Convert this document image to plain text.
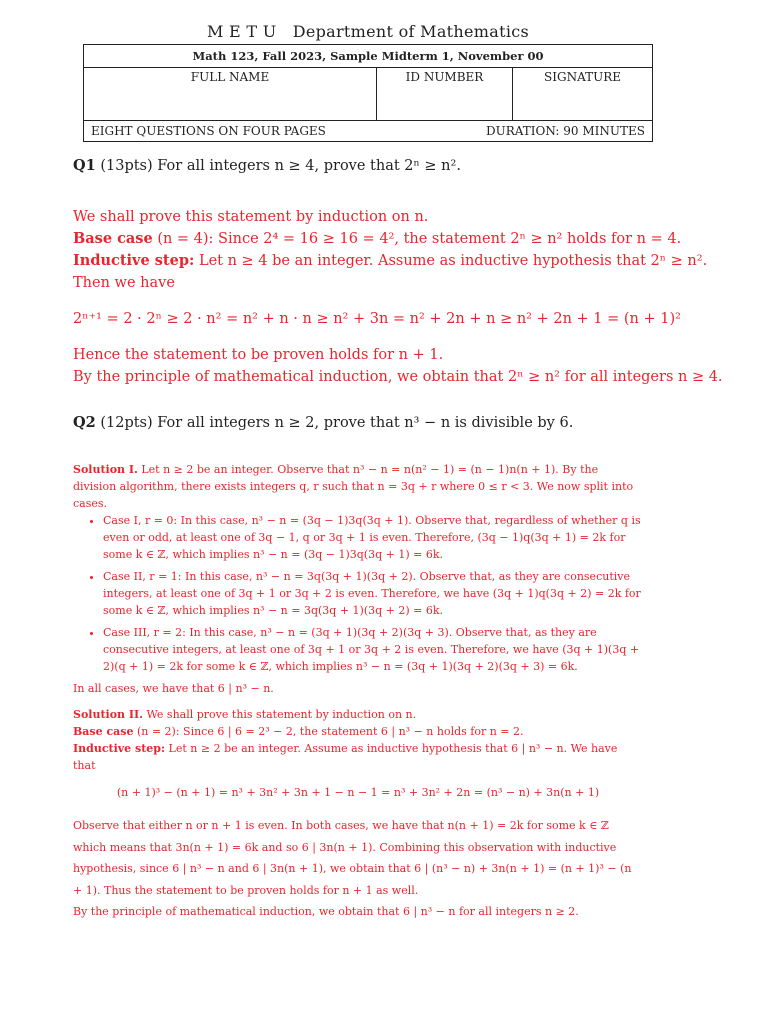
M E T U   Department of Mathematics
Math 123, Fall 2023, Sample Midterm 1, November 00
FULL NAME	ID NUMBER	SIGNATURE
EIGHT QUESTIONS ON FOUR PAGES	DURATION: 90 MINUTES
Q1 (13pts) For all integers n ≥ 4, prove that 2ⁿ ≥ n².
We shall prove this statement by induction on n.
Base case (n = 4): Since 2⁴ = 16 ≥ 16 = 4², the statement 2ⁿ ≥ n² holds for n = 4.
Inductive step: Let n ≥ 4 be an integer. Assume as inductive hypothesis that 2ⁿ ≥ n².
Then we have
2ⁿ⁺¹ = 2 · 2ⁿ ≥ 2 · n² = n² + n · n ≥ n² + 3n = n² + 2n + n ≥ n² + 2n + 1 = (n + 1)²
Hence the statement to be proven holds for n + 1.
By the principle of mathematical induction, we obtain that 2ⁿ ≥ n² for all integers n ≥ 4.
Q2 (12pts) For all integers n ≥ 2, prove that n³ − n is divisible by 6.
Solution I. Let n ≥ 2 be an integer. Observe that n³ − n = n(n² − 1) = (n − 1)n(n + 1). By the division algorithm, there exists integers q, r such that n = 3q + r where 0 ≤ r < 3. We now split into cases.
• Case I, r = 0: In this case, n³ − n = (3q − 1)3q(3q + 1). Observe that, regardless of whether q is even or odd, at least one of 3q − 1, q or 3q + 1 is even. Therefore, (3q − 1)q(3q + 1) = 2k for some k ∈ ℤ, which implies n³ − n = (3q − 1)3q(3q + 1) = 6k.
• Case II, r = 1: In this case, n³ − n = 3q(3q + 1)(3q + 2). Observe that, as they are consecutive integers, at least one of 3q + 1 or 3q + 2 is even. Therefore, we have (3q + 1)q(3q + 2) = 2k for some k ∈ ℤ, which implies n³ − n = 3q(3q + 1)(3q + 2) = 6k.
• Case III, r = 2: In this case, n³ − n = (3q + 1)(3q + 2)(3q + 3). Observe that, as they are consecutive integers, at least one of 3q + 1 or 3q + 2 is even. Therefore, we have (3q + 1)(3q + 2)(q + 1) = 2k for some k ∈ ℤ, which implies n³ − n = (3q + 1)(3q + 2)(3q + 3) = 6k.
In all cases, we have that 6 | n³ − n.
Solution II. We shall prove this statement by induction on n.
Base case (n = 2): Since 6 | 6 = 2³ − 2, the statement 6 | n³ − n holds for n = 2.
Inductive step: Let n ≥ 2 be an integer. Assume as inductive hypothesis that 6 | n³ − n. We have that
(n + 1)³ − (n + 1) = n³ + 3n² + 3n + 1 − n − 1 = n³ + 3n² + 2n = (n³ − n) + 3n(n + 1)
Observe that either n or n + 1 is even. In both cases, we have that n(n + 1) = 2k for some k ∈ ℤ which means that 3n(n + 1) = 6k and so 6 | 3n(n + 1). Combining this observation with inductive hypothesis, since 6 | n³ − n and 6 | 3n(n + 1), we obtain that 6 | (n³ − n) + 3n(n + 1) = (n + 1)³ − (n + 1). Thus the statement to be proven holds for n + 1 as well.
By the principle of mathematical induction, we obtain that 6 | n³ − n for all integers n ≥ 2.
